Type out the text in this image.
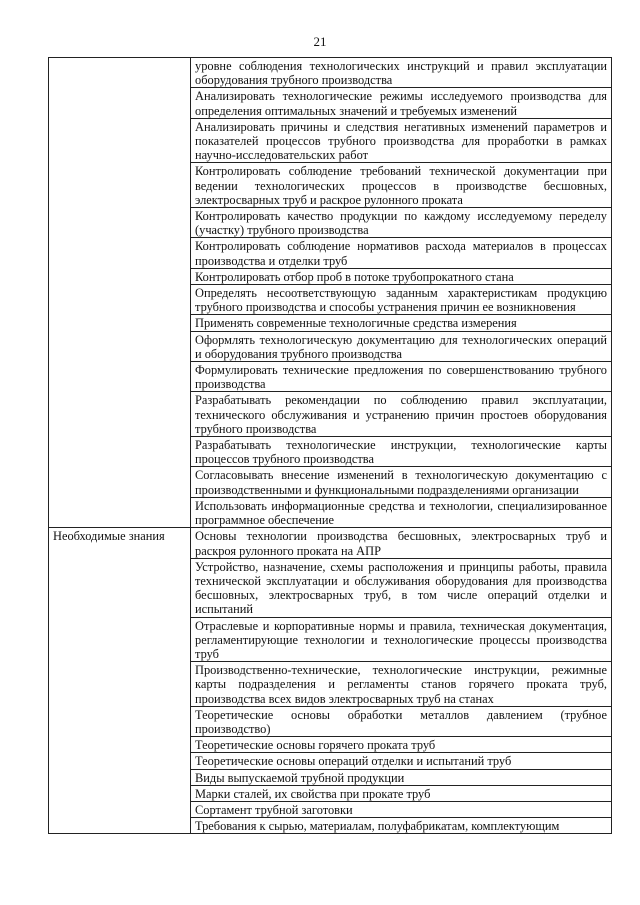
21
	уровне соблюдения технологических инструкций и правил эксплуатации оборудования трубного производства
	Анализировать технологические режимы исследуемого производства для определения оптимальных значений и требуемых изменений
	Анализировать причины и следствия негативных изменений параметров и показателей процессов трубного производства для проработки в рамках научно-исследовательских работ
	Контролировать соблюдение требований технической документации при ведении технологических процессов в производстве бесшовных, электросварных труб и раскрое рулонного проката
	Контролировать качество продукции по каждому исследуемому переделу (участку) трубного производства
	Контролировать соблюдение нормативов расхода материалов в процессах производства и отделки труб
	Контролировать отбор проб в потоке трубопрокатного стана
	Определять несоответствующую заданным характеристикам продукцию трубного производства и способы устранения причин ее возникновения
	Применять современные технологичные средства измерения
	Оформлять технологическую документацию для технологических операций и оборудования трубного производства
	Формулировать технические предложения по совершенствованию трубного производства
	Разрабатывать рекомендации по соблюдению правил эксплуатации, технического обслуживания и устранению причин простоев оборудования трубного производства
	Разрабатывать технологические инструкции, технологические карты процессов трубного производства
	Согласовывать внесение изменений в технологическую документацию с производственными и функциональными подразделениями организации
	Использовать информационные средства и технологии, специализированное программное обеспечение
Необходимые знания	Основы технологии производства бесшовных, электросварных труб и раскроя рулонного проката на АПР
	Устройство, назначение, схемы расположения и принципы работы, правила технической эксплуатации и обслуживания оборудования для производства бесшовных, электросварных труб, в том числе операций отделки и испытаний
	Отраслевые и корпоративные нормы и правила, техническая документация, регламентирующие технологии и технологические процессы производства труб
	Производственно-технические, технологические инструкции, режимные карты подразделения и регламенты станов горячего проката труб, производства всех видов электросварных труб на станах
	Теоретические основы обработки металлов давлением (трубное производство)
	Теоретические основы горячего проката труб
	Теоретические основы операций отделки и испытаний труб
	Виды выпускаемой трубной продукции
	Марки сталей, их свойства при прокате труб
	Сортамент трубной заготовки
	Требования к сырью, материалам, полуфабрикатам, комплектующим
